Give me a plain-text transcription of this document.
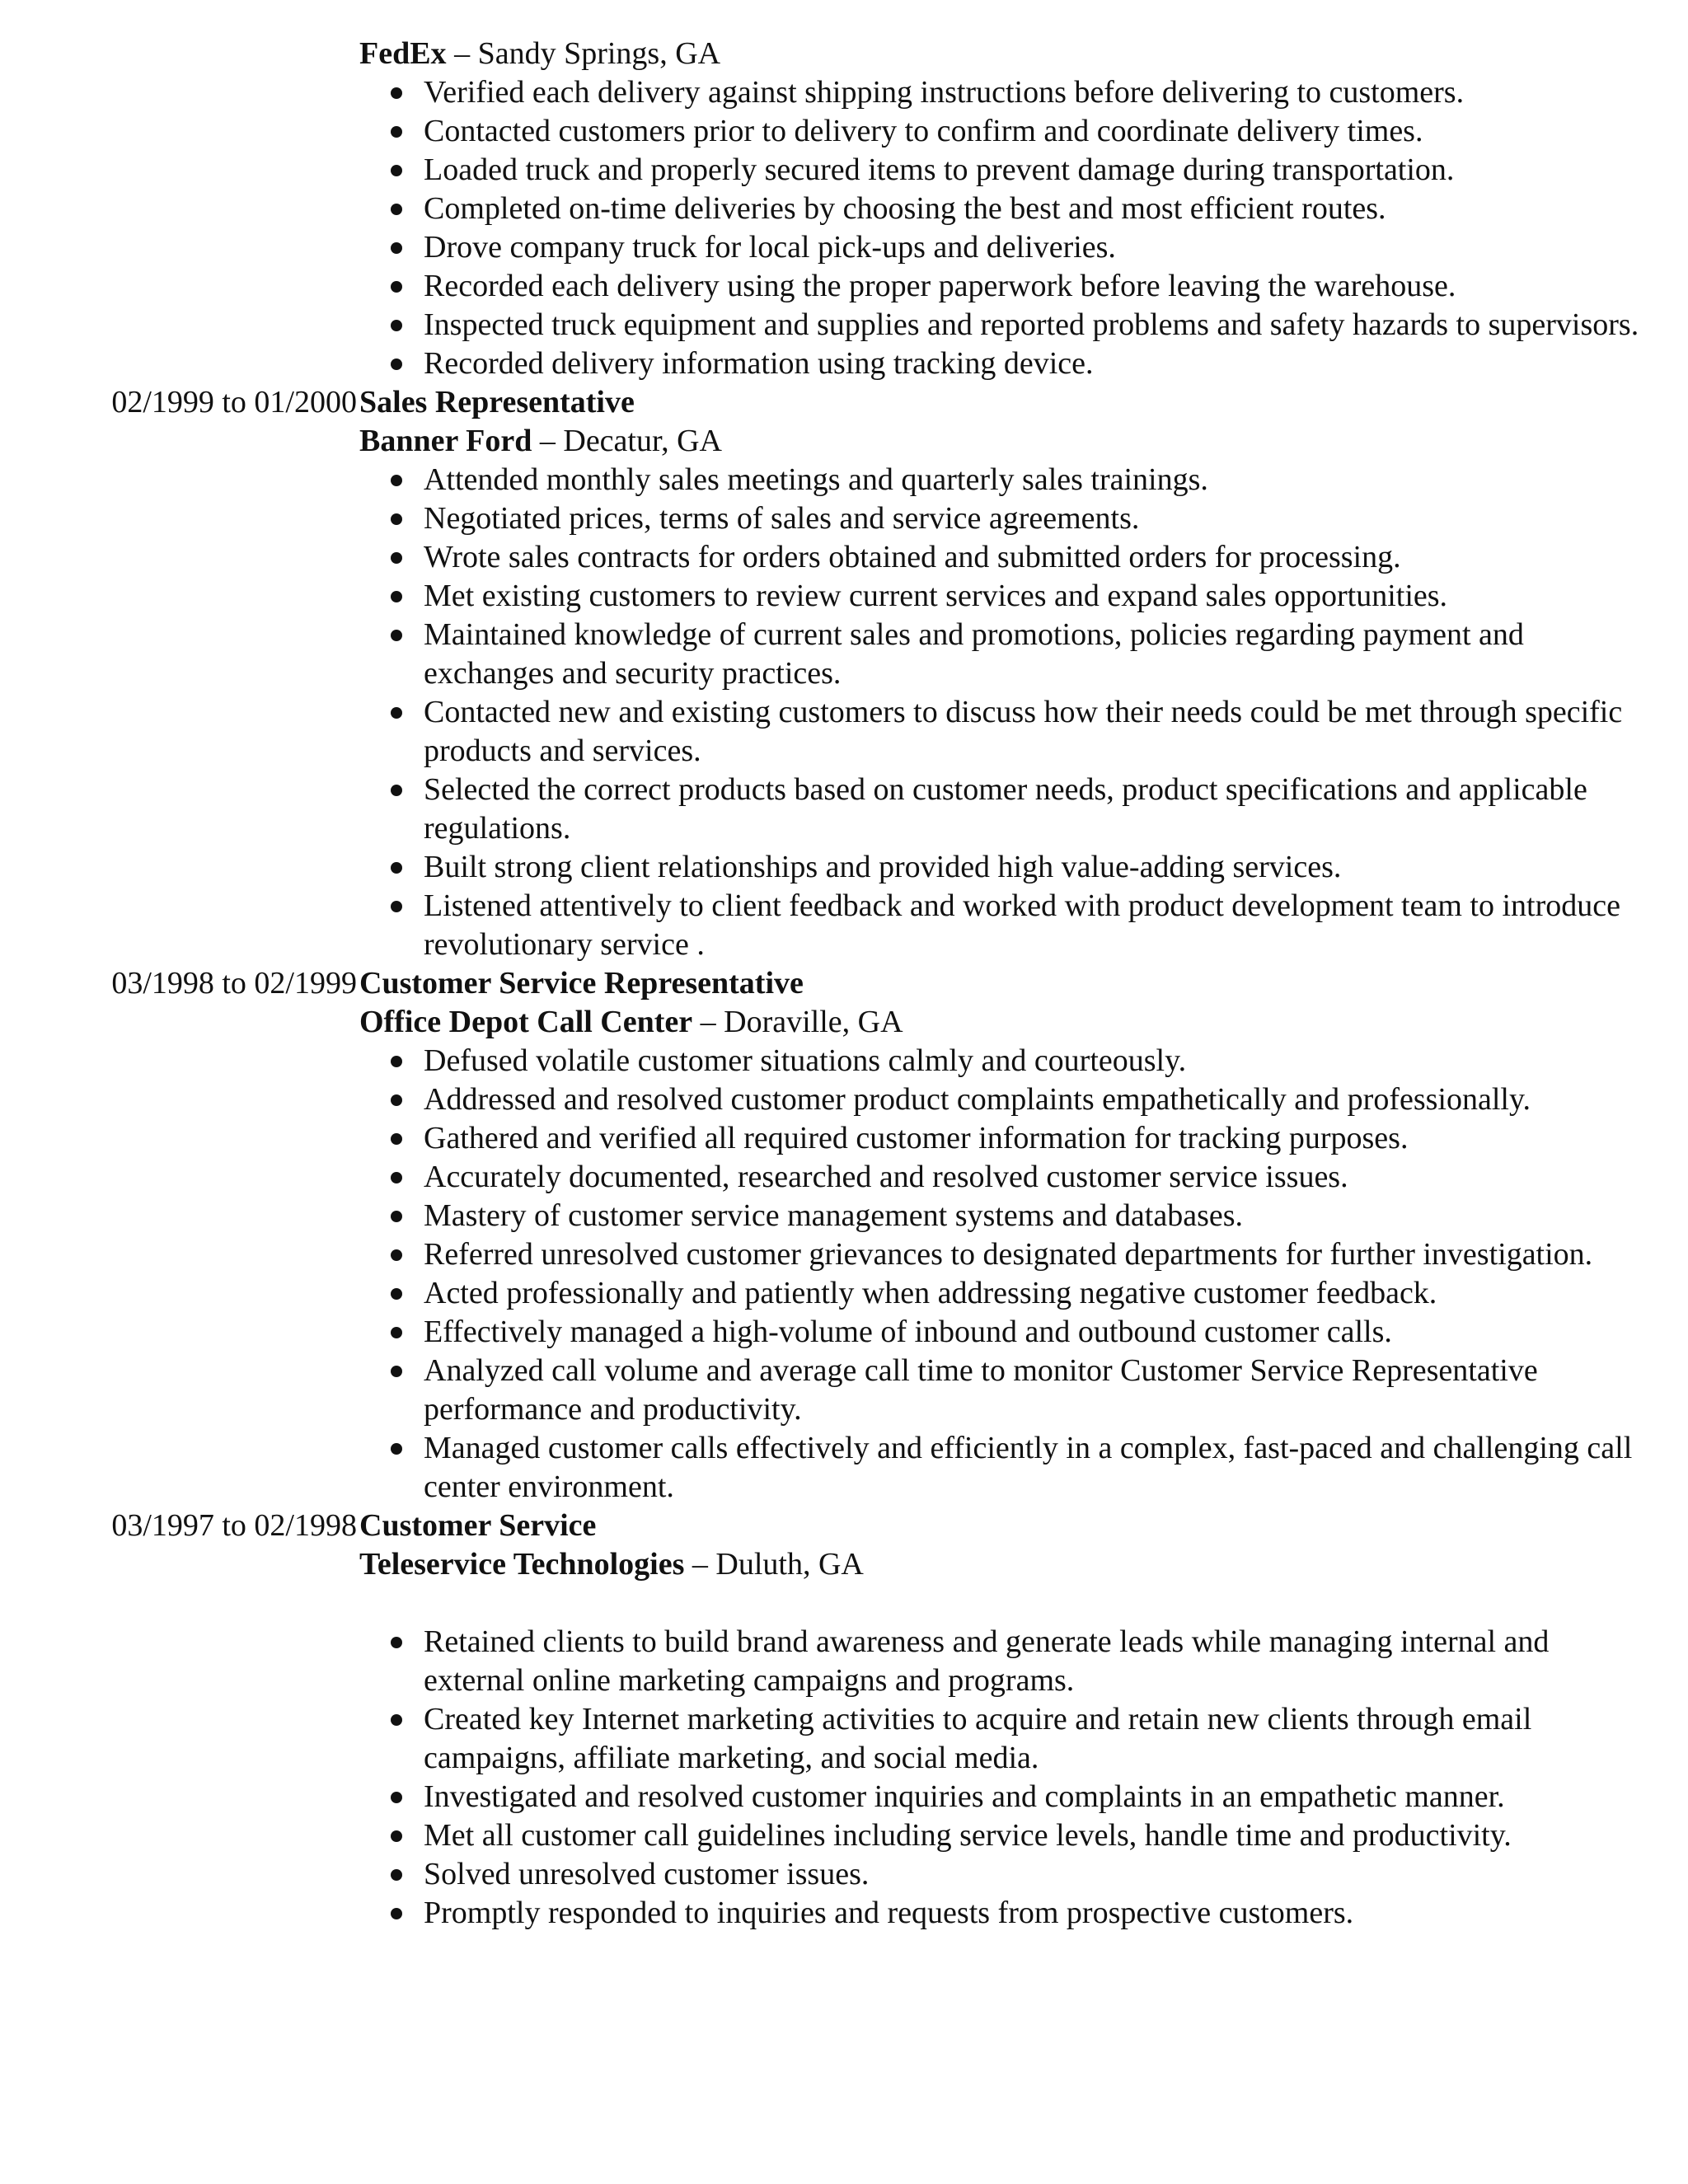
FedEx – Sandy Springs, GA
Verified each delivery against shipping instructions before delivering to customers.
Contacted customers prior to delivery to confirm and coordinate delivery times.
Loaded truck and properly secured items to prevent damage during transportation.
Completed on-time deliveries by choosing the best and most efficient routes.
Drove company truck for local pick-ups and deliveries.
Recorded each delivery using the proper paperwork before leaving the warehouse.
Inspected truck equipment and supplies and reported problems and safety hazards to supervisors.
Recorded delivery information using tracking device.
02/1999 to 01/2000 Sales Representative
Banner Ford – Decatur, GA
Attended monthly sales meetings and quarterly sales trainings.
Negotiated prices, terms of sales and service agreements.
Wrote sales contracts for orders obtained and submitted orders for processing.
Met existing customers to review current services and expand sales opportunities.
Maintained knowledge of current sales and promotions, policies regarding payment and exchanges and security practices.
Contacted new and existing customers to discuss how their needs could be met through specific products and services.
Selected the correct products based on customer needs, product specifications and applicable regulations.
Built strong client relationships and provided high value-adding services.
Listened attentively to client feedback and worked with product development team to introduce revolutionary service .
03/1998 to 02/1999 Customer Service Representative
Office Depot Call Center – Doraville, GA
Defused volatile customer situations calmly and courteously.
Addressed and resolved customer product complaints empathetically and professionally.
Gathered and verified all required customer information for tracking purposes.
Accurately documented, researched and resolved customer service issues.
Mastery of customer service management systems and databases.
Referred unresolved customer grievances to designated departments for further investigation.
Acted professionally and patiently when addressing negative customer feedback.
Effectively managed a high-volume of inbound and outbound customer calls.
Analyzed call volume and average call time to monitor Customer Service Representative performance and productivity.
Managed customer calls effectively and efficiently in a complex, fast-paced and challenging call center environment.
03/1997 to 02/1998 Customer Service
Teleservice Technologies – Duluth, GA
Retained clients to build brand awareness and generate leads while managing internal and external online marketing campaigns and programs.
Created key Internet marketing activities to acquire and retain new clients through email campaigns, affiliate marketing, and social media.
Investigated and resolved customer inquiries and complaints in an empathetic manner.
Met all customer call guidelines including service levels, handle time and productivity.
Solved unresolved customer issues.
Promptly responded to inquiries and requests from prospective customers.
